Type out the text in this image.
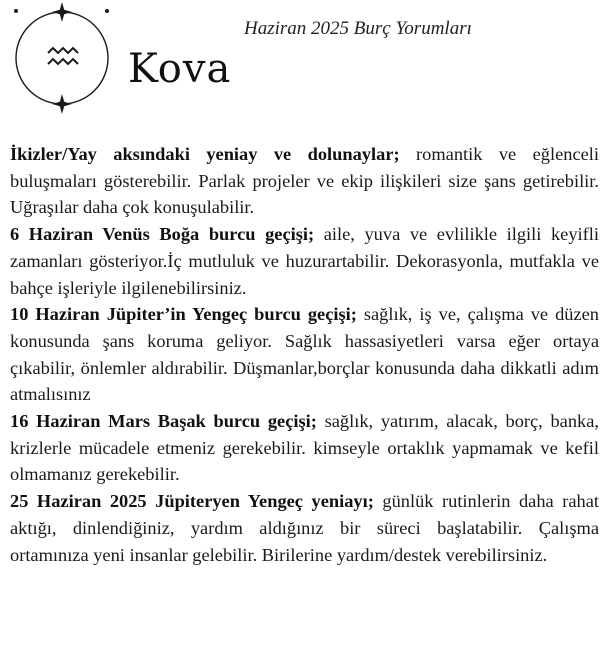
Haziran 2025 Burç Yorumları
Kova

İkizler/Yay aksındaki yeniay ve dolunaylar; romantik ve eğlenceli buluşmaları gösterebilir. Parlak projeler ve ekip ilişkileri size şans getirebilir. Uğraşılar daha çok konuşulabilir.

6 Haziran Venüs Boğa burcu geçişi; aile, yuva ve evlilikle ilgili keyifli zamanları gösteriyor.İç mutluluk ve huzurartabilir. Dekorasyonla, mutfakla ve bahçe işleriyle ilgilenebilirsiniz.

10 Haziran Jüpiter’in Yengeç burcu geçişi; sağlık, iş ve, çalışma ve düzen konusunda şans koruma geliyor. Sağlık hassasiyetleri varsa eğer ortaya çıkabilir, önlemler aldırabilir. Düşmanlar,borçlar konusunda daha dikkatli adım atmalısınız

16 Haziran Mars Başak burcu geçişi; sağlık, yatırım, alacak, borç, banka, krizlerle mücadele etmeniz gerekebilir. kimseyle ortaklık yapmamak ve kefil olmamanız gerekebilir.

25 Haziran 2025 Jüpiteryen Yengeç yeniayı; günlük rutinlerin daha rahat aktığı, dinlendiğiniz, yardım aldığınız bir süreci başlatabilir. Çalışma ortamınıza yeni insanlar gelebilir. Birilerine yardım/destek verebilirsiniz.
